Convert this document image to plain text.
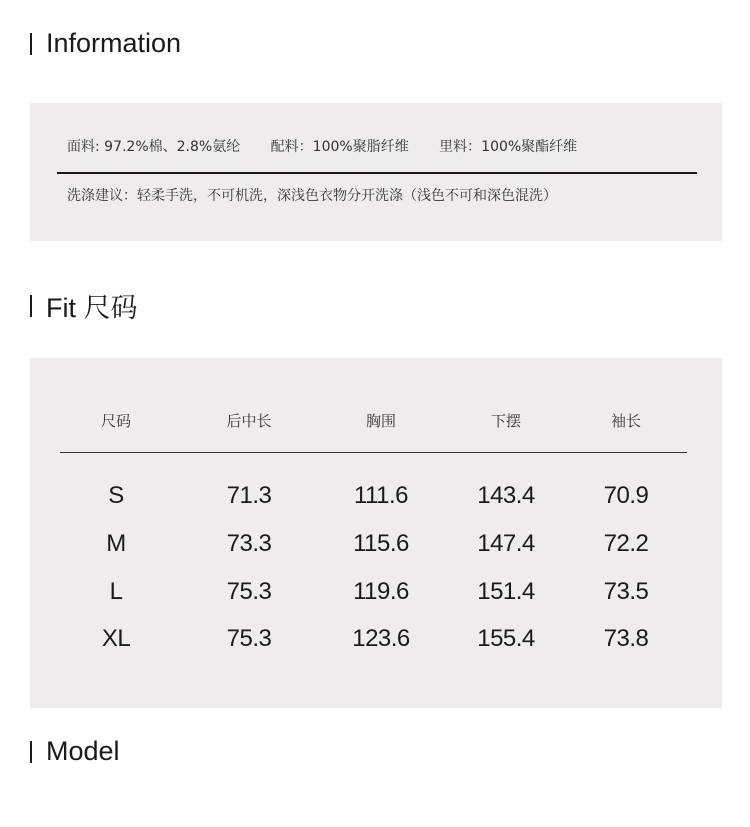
Information
面料: 97.2%棉、2.8%氨纶 配料：100%聚脂纤维 里料：100%聚酯纤维
洗涤建议：轻柔手洗，不可机洗，深浅色衣物分开洗涤（浅色不可和深色混洗）
Fit 尺码
尺码	后中长	胸围	下摆	袖长
S	71.3	111.6	143.4	70.9
M	73.3	115.6	147.4	72.2
L	75.3	119.6	151.4	73.5
XL	75.3	123.6	155.4	73.8
Model
